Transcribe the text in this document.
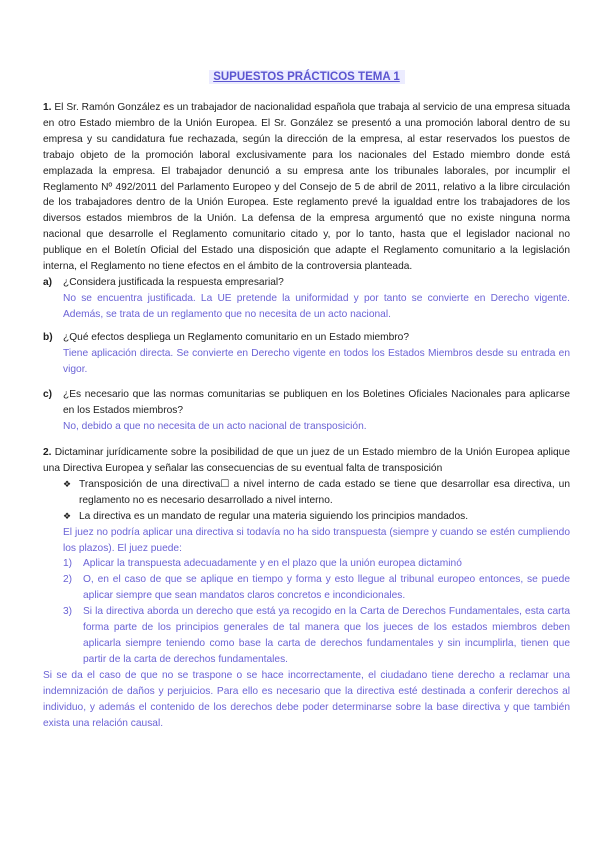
SUPUESTOS PRÁCTICOS TEMA 1

1. El Sr. Ramón González es un trabajador de nacionalidad española que trabaja al servicio de una empresa situada en otro Estado miembro de la Unión Europea. El Sr. González se presentó a una promoción laboral dentro de su empresa y su candidatura fue rechazada, según la dirección de la empresa, al estar reservados los puestos de trabajo objeto de la promoción laboral exclusivamente para los nacionales del Estado miembro donde está emplazada la empresa. El trabajador denunció a su empresa ante los tribunales laborales, por incumplir el Reglamento Nº 492/2011 del Parlamento Europeo y del Consejo de 5 de abril de 2011, relativo a la libre circulación de los trabajadores dentro de la Unión Europea. Este reglamento prevé la igualdad entre los trabajadores de los diversos estados miembros de la Unión. La defensa de la empresa argumentó que no existe ninguna norma nacional que desarrolle el Reglamento comunitario citado y, por lo tanto, hasta que el legislador nacional no publique en el Boletín Oficial del Estado una disposición que adapte el Reglamento comunitario a la legislación interna, el Reglamento no tiene efectos en el ámbito de la controversia planteada.

a)	¿Considera justificada la respuesta empresarial?
No se encuentra justificada. La UE pretende la uniformidad y por tanto se convierte en Derecho vigente. Además, se trata de un reglamento que no necesita de un acto nacional.
b)	¿Qué efectos despliega un Reglamento comunitario en un Estado miembro?
Tiene aplicación directa. Se convierte en Derecho vigente en todos los Estados Miembros desde su entrada en vigor.
c)	¿Es necesario que las normas comunitarias se publiquen en los Boletines Oficiales Nacionales para aplicarse en los Estados miembros?
No, debido a que no necesita de un acto nacional de transposición.

2. Dictaminar jurídicamente sobre la posibilidad de que un juez de un Estado miembro de la Unión Europea aplique una Directiva Europea y señalar las consecuencias de su eventual falta de transposición

❖ Transposición de una directiva☐ a nivel interno de cada estado se tiene que desarrollar esa directiva, un reglamento no es necesario desarrollado a nivel interno.
❖ La directiva es un mandato de regular una materia siguiendo los principios mandados.
El juez no podría aplicar una directiva si todavía no ha sido transpuesta (siempre y cuando se estén cumpliendo los plazos). El juez puede:
1)	Aplicar la transpuesta adecuadamente y en el plazo que la unión europea dictaminó
2)	O, en el caso de que se aplique en tiempo y forma y esto llegue al tribunal europeo entonces, se puede aplicar siempre que sean mandatos claros concretos e incondicionales.
3)	Si la directiva aborda un derecho que está ya recogido en la Carta de Derechos Fundamentales, esta carta forma parte de los principios generales de tal manera que los jueces de los estados miembros deben aplicarla siempre teniendo como base la carta de derechos fundamentales y sin incumplirla, tienen que partir de la carta de derechos fundamentales.
Si se da el caso de que no se traspone o se hace incorrectamente, el ciudadano tiene derecho a reclamar una indemnización de daños y perjuicios. Para ello es necesario que la directiva esté destinada a conferir derechos al individuo, y además el contenido de los derechos debe poder determinarse sobre la base directiva y que también exista una relación causal.
